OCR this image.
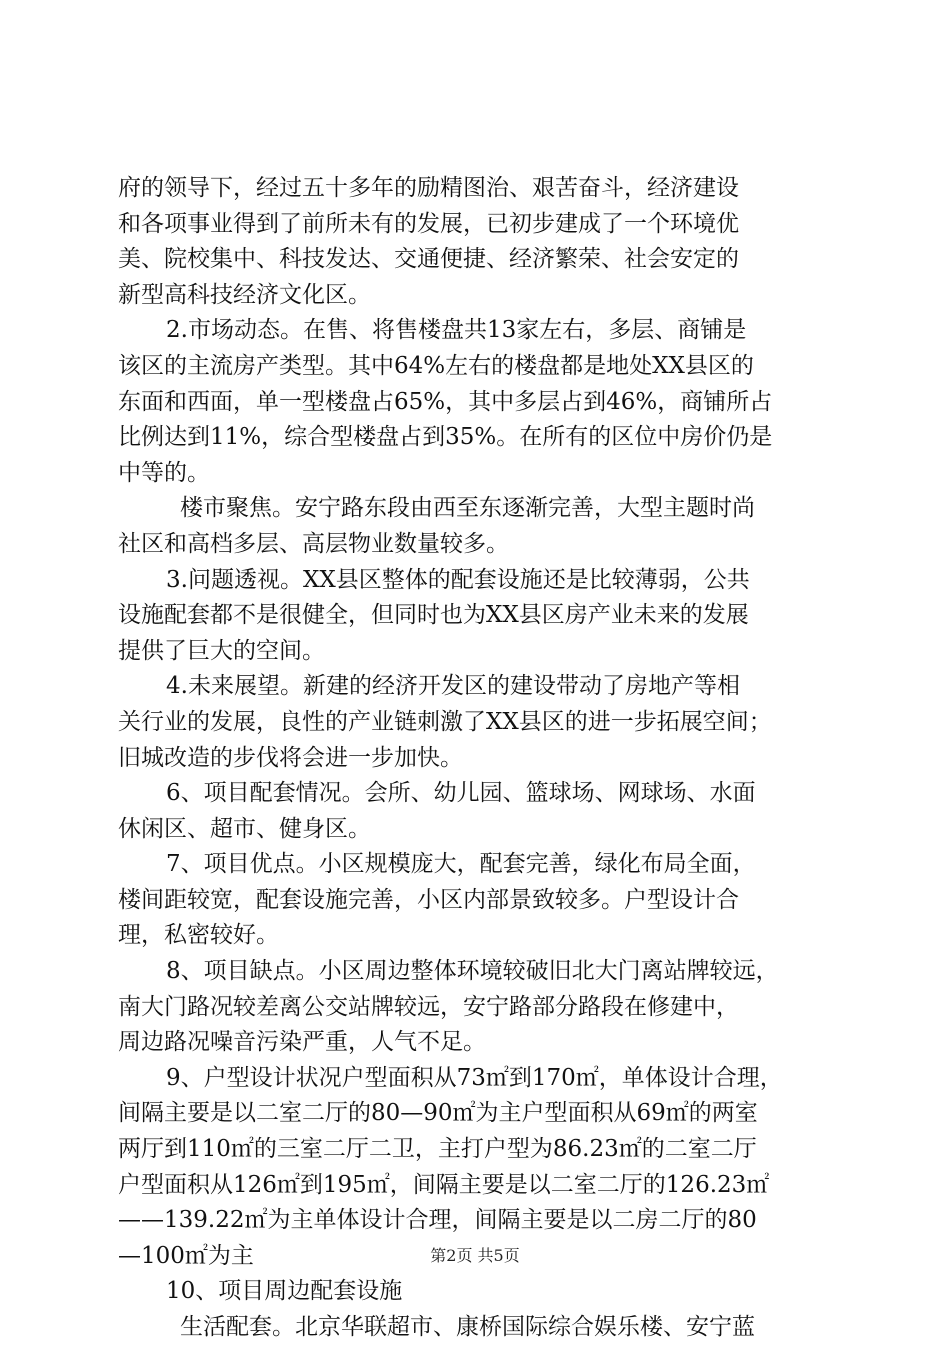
府的领导下，经过五十多年的励精图治、艰苦奋斗，经济建设
和各项事业得到了前所未有的发展，已初步建成了一个环境优
美、院校集中、科技发达、交通便捷、经济繁荣、社会安定的
新型高科技经济文化区。
2.市场动态。在售、将售楼盘共13家左右，多层、商铺是
该区的主流房产类型。其中64%左右的楼盘都是地处XX县区的
东面和西面，单一型楼盘占65%，其中多层占到46%，商铺所占
比例达到11%，综合型楼盘占到35%。在所有的区位中房价仍是
中等的。
楼市聚焦。安宁路东段由西至东逐渐完善，大型主题时尚
社区和高档多层、高层物业数量较多。
3.问题透视。XX县区整体的配套设施还是比较薄弱，公共
设施配套都不是很健全，但同时也为XX县区房产业未来的发展
提供了巨大的空间。
4.未来展望。新建的经济开发区的建设带动了房地产等相
关行业的发展，良性的产业链刺激了XX县区的进一步拓展空间；
旧城改造的步伐将会进一步加快。
6、项目配套情况。会所、幼儿园、篮球场、网球场、水面
休闲区、超市、健身区。
7、项目优点。小区规模庞大，配套完善，绿化布局全面，
楼间距较宽，配套设施完善，小区内部景致较多。户型设计合
理，私密较好。
8、项目缺点。小区周边整体环境较破旧北大门离站牌较远，
南大门路况较差离公交站牌较远，安宁路部分路段在修建中，
周边路况噪音污染严重，人气不足。
9、户型设计状况户型面积从73㎡到170㎡，单体设计合理，
间隔主要是以二室二厅的80—90㎡为主户型面积从69㎡的两室
两厅到110㎡的三室二厅二卫，主打户型为86.23㎡的二室二厅
户型面积从126㎡到195㎡，间隔主要是以二室二厅的126.23㎡
——139.22㎡为主单体设计合理，间隔主要是以二房二厅的80
—100㎡为主
10、项目周边配套设施
生活配套。北京华联超市、康桥国际综合娱乐楼、安宁蓝
第2页 共5页
